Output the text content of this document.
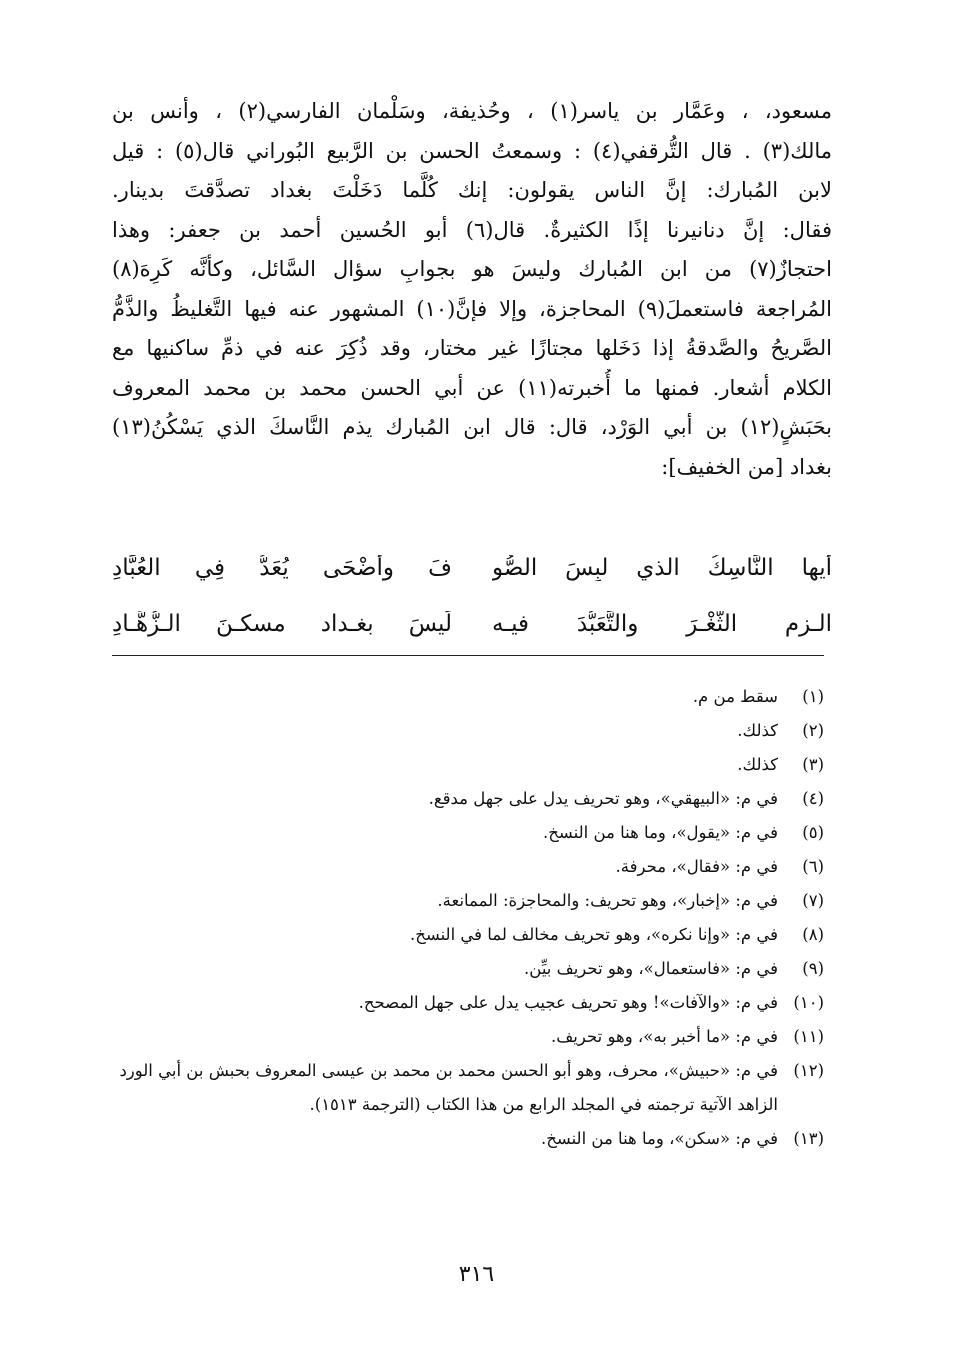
مسعود، ، وعَمَّار بن ياسر(١) ، وحُذيفة، وسَلْمان الفارسي(٢) ، وأنس بن
مالك(٣) . قال التُّرقفي(٤) : وسمعتُ الحسن بن الرَّبيع البُوراني قال(٥) : قيل
لابن المُبارك: إنَّ الناس يقولون: إنك كُلَّما دَخَلْتَ بغداد تصدَّقتَ بدينار.
فقال: إنَّ دنانيرنا إذًا الكثيرةٌ. قال(٦) أبو الحُسين أحمد بن جعفر: وهذا
احتجازٌ(٧) من ابن المُبارك وليسَ هو بجوابِ سؤال السَّائل، وكأنَّه كَرِهَ(٨)
المُراجعة فاستعملَ(٩) المحاجزة، وإلا فإنَّ(١٠) المشهور عنه فيها التَّغليظُ والذَّمُّ
الصَّريحُ والصَّدقةُ إذا دَخَلها مجتازًا غير مختار، وقد ذُكِرَ عنه في ذمِّ ساكنيها مع
الكلام أشعار. فمنها ما أُخبرته(١١) عن أبي الحسن محمد بن محمد المعروف
بحَبَشٍ(١٢) بن أبي الوَرْد، قال: قال ابن المُبارك يذم النَّاسكَ الذي يَسْكُنُ(١٣)
بغداد [من الخفيف]:
أيها النَّاسِكُ الذي لبِسَ الصُّو
فَ وأَضْحَى يُعَدُّ فِي العُبَّادِ
الـزم الثَّغْـرَ والتَّعَبُّدَ فيـه
لَيسَ بغـداد مسكـنَ الـزُّهَّـادِ
(١)
سقط من م.
(٢)
كذلك.
(٣)
كذلك.
(٤)
في م: «البيهقي»، وهو تحريف يدل على جهل مدقع.
(٥)
في م: «يقول»، وما هنا من النسخ.
(٦)
في م: «فقال»، محرفة.
(٧)
في م: «إخبار»، وهو تحريف: والمحاجزة: الممانعة.
(٨)
في م: «وإنا نكره»، وهو تحريف مخالف لما في النسخ.
(٩)
في م: «فاستعمال»، وهو تحريف بيِّن.
(١٠)
في م: «والآفات»! وهو تحريف عجيب يدل على جهل المصحح.
(١١)
في م: «ما أخبر به»، وهو تحريف.
(١٢)
في م: «حبيش»، محرف، وهو أبو الحسن محمد بن محمد بن عيسى المعروف بحبش بن أبي الورد الزاهد الآتية ترجمته في المجلد الرابع من هذا الكتاب (الترجمة ١٥١٣).
(١٣)
في م: «سكن»، وما هنا من النسخ.
٣١٦
